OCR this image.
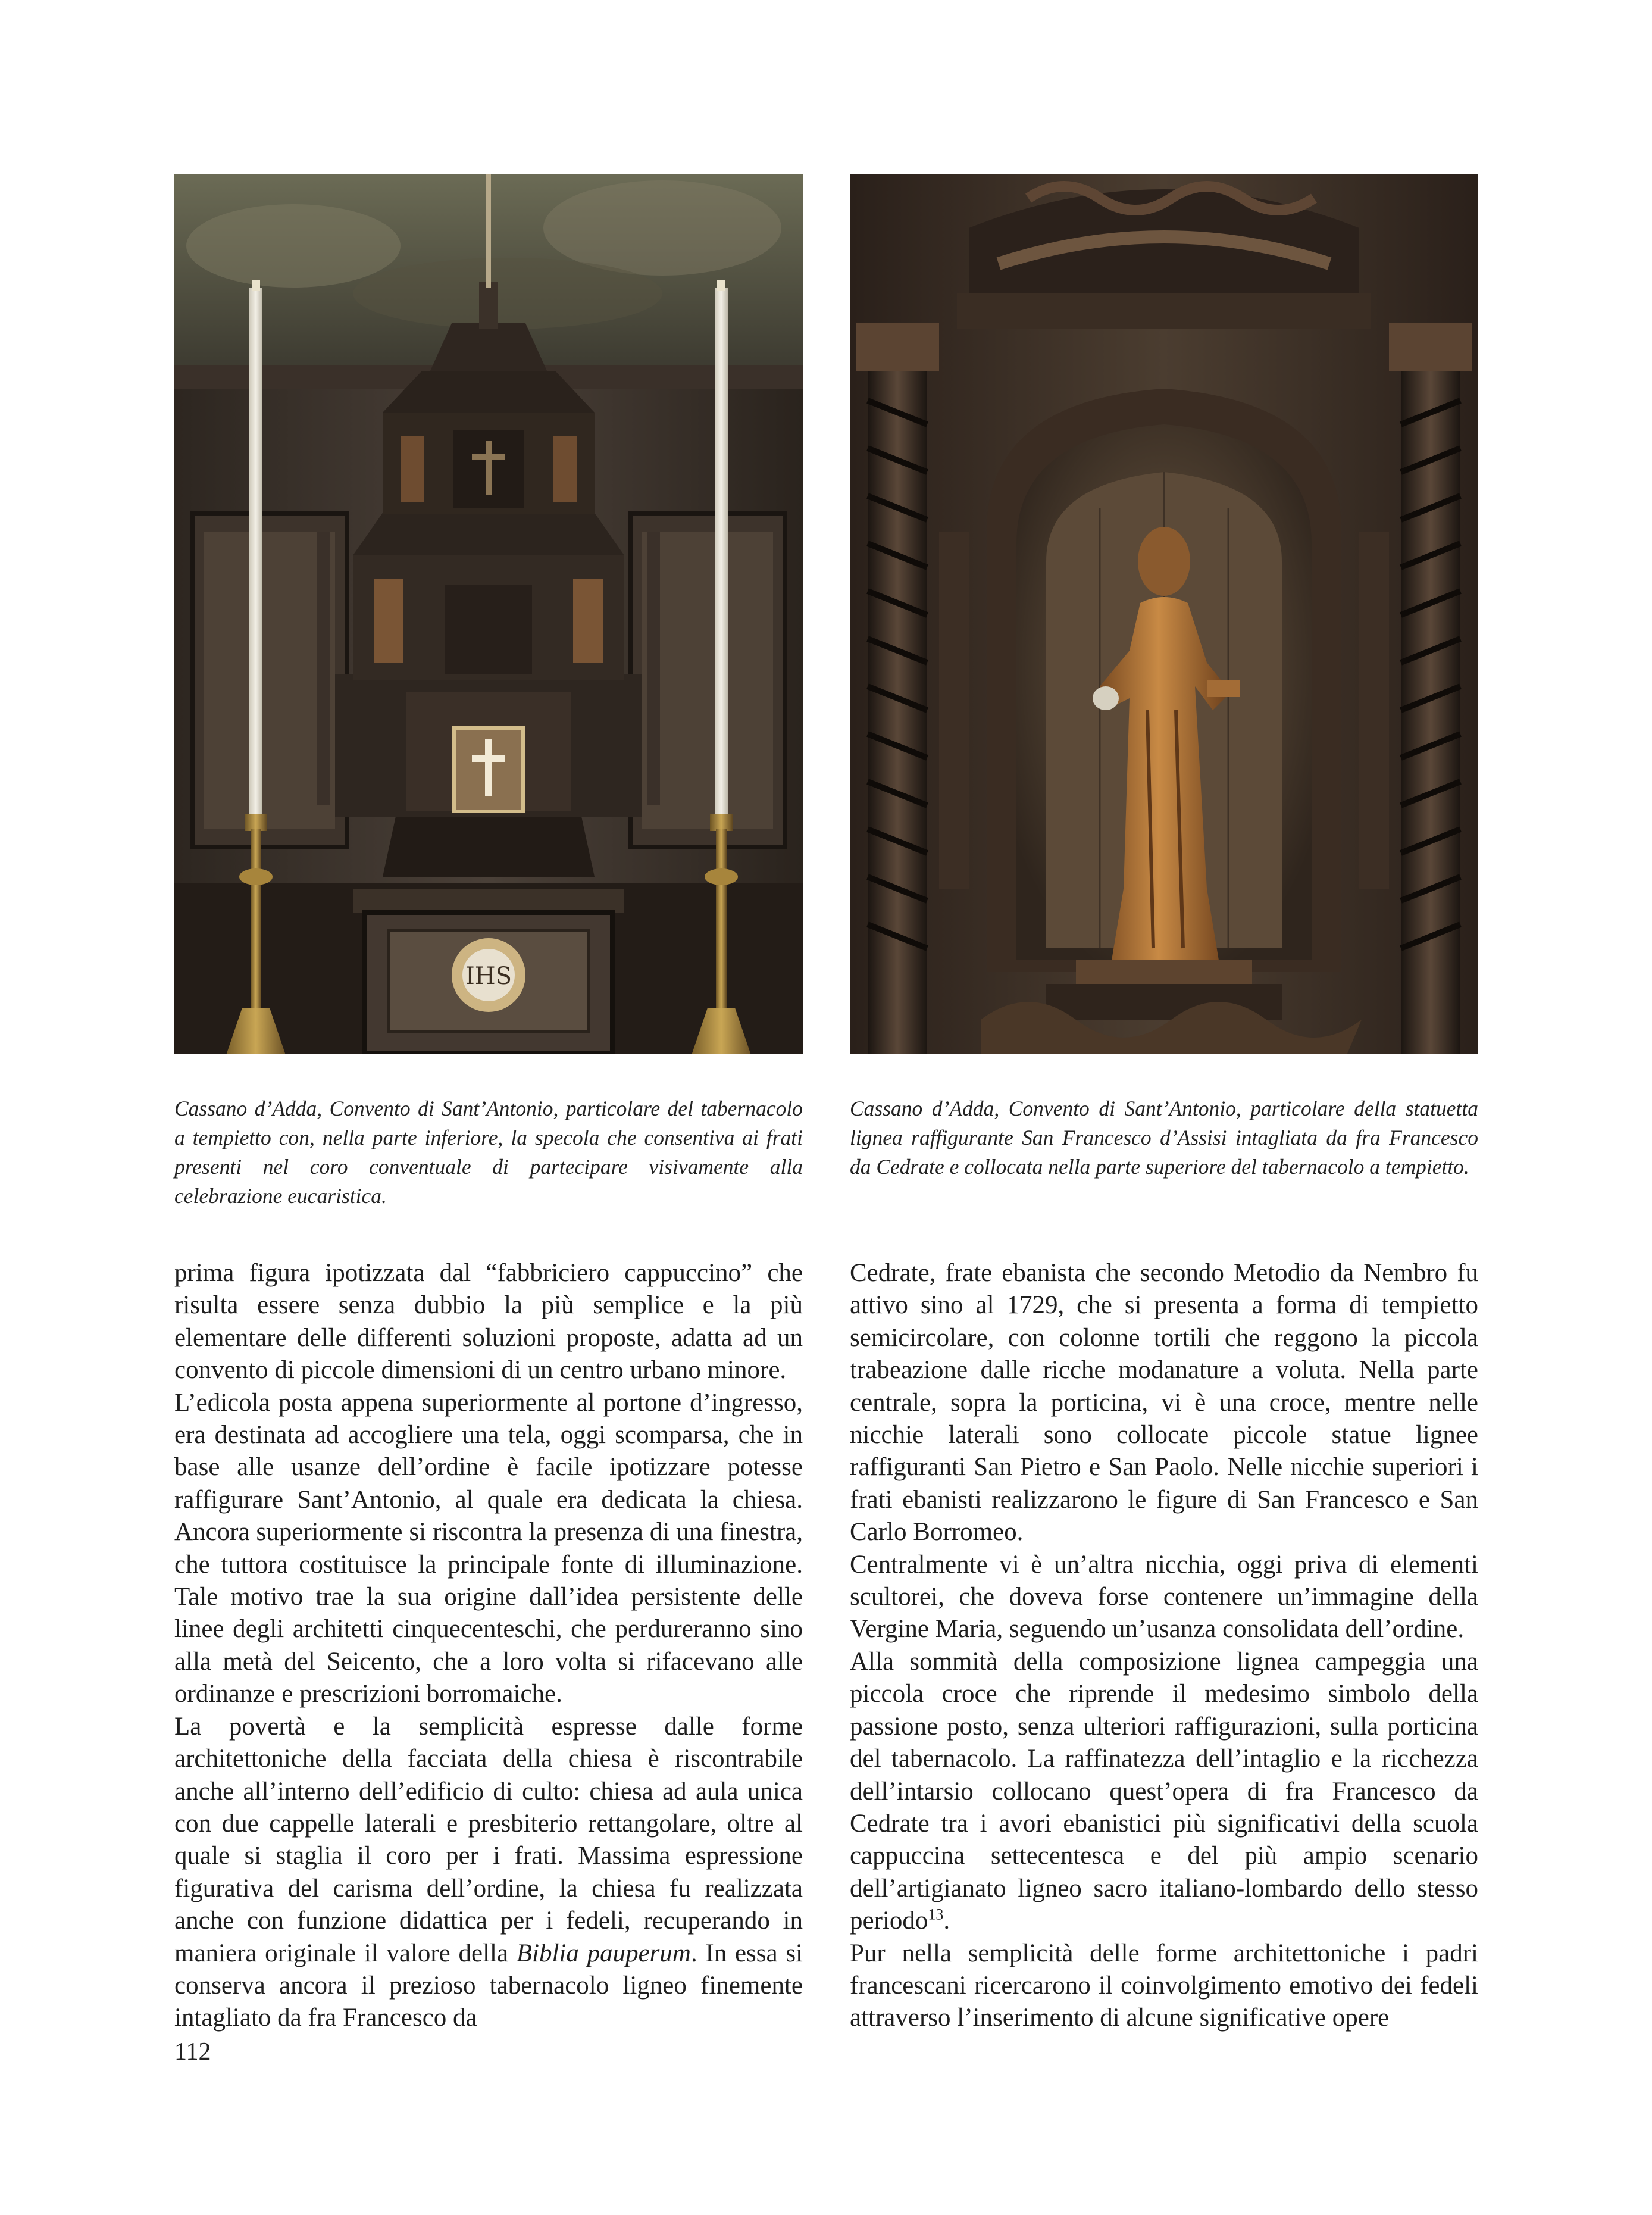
IHS
Cassano d’Adda, Convento di Sant’Antonio, particolare del tabernacolo a tempietto con, nella parte inferiore, la specola che consentiva ai frati presenti nel coro conventuale di partecipare visivamente alla celebrazione eucaristica.
Cassano d’Adda, Convento di Sant’Antonio, particolare della statuetta lignea raffigurante San Francesco d’Assisi intagliata da fra Francesco da Cedrate e collocata nella parte superiore del tabernacolo a tempietto.

prima figura ipotizzata dal “fabbriciero cappuccino” che risulta essere senza dubbio la più semplice e la più elementare delle differenti soluzioni proposte, adatta ad un convento di piccole dimensioni di un centro urbano minore.

L’edicola posta appena superiormente al portone d’ingresso, era destinata ad accogliere una tela, oggi scomparsa, che in base alle usanze dell’ordine è facile ipotizzare potesse raffigurare Sant’Antonio, al quale era dedicata la chiesa. Ancora superiormente si riscontra la presenza di una finestra, che tuttora costituisce la principale fonte di illuminazione. Tale motivo trae la sua origine dall’idea persistente delle linee degli architetti cinquecenteschi, che perdureranno sino alla metà del Seicento, che a loro volta si rifacevano alle ordinanze e prescrizioni borromaiche.

La povertà e la semplicità espresse dalle forme architettoniche della facciata della chiesa è riscontrabile anche all’interno dell’edificio di culto: chiesa ad aula unica con due cappelle laterali e presbiterio rettangolare, oltre al quale si staglia il coro per i frati. Massima espressione figurativa del carisma dell’ordine, la chiesa fu realizzata anche con funzione didattica per i fedeli, recuperando in maniera originale il valore della Biblia pauperum. In essa si conserva ancora il prezioso tabernacolo ligneo finemente intagliato da fra Francesco da

Cedrate, frate ebanista che secondo Metodio da Nembro fu attivo sino al 1729, che si presenta a forma di tempietto semicircolare, con colonne tortili che reggono la piccola trabeazione dalle ricche modanature a voluta. Nella parte centrale, sopra la porticina, vi è una croce, mentre nelle nicchie laterali sono collocate piccole statue lignee raffiguranti San Pietro e San Paolo. Nelle nicchie superiori i frati ebanisti realizzarono le figure di San Francesco e San Carlo Borromeo.

Centralmente vi è un’altra nicchia, oggi priva di elementi scultorei, che doveva forse contenere un’immagine della Vergine Maria, seguendo un’usanza consolidata dell’ordine.

Alla sommità della composizione lignea campeggia una piccola croce che riprende il medesimo simbolo della passione posto, senza ulteriori raffigurazioni, sulla porticina del tabernacolo. La raffinatezza dell’intaglio e la ricchezza dell’intarsio collocano quest’opera di fra Francesco da Cedrate tra i avori ebanistici più significativi della scuola cappuccina settecentesca e del più ampio scenario dell’artigianato ligneo sacro italiano-lombardo dello stesso periodo$^{13}$.

Pur nella semplicità delle forme architettoniche i padri francescani ricercarono il coinvolgimento emotivo dei fedeli attraverso l’inserimento di alcune significative opere

112
